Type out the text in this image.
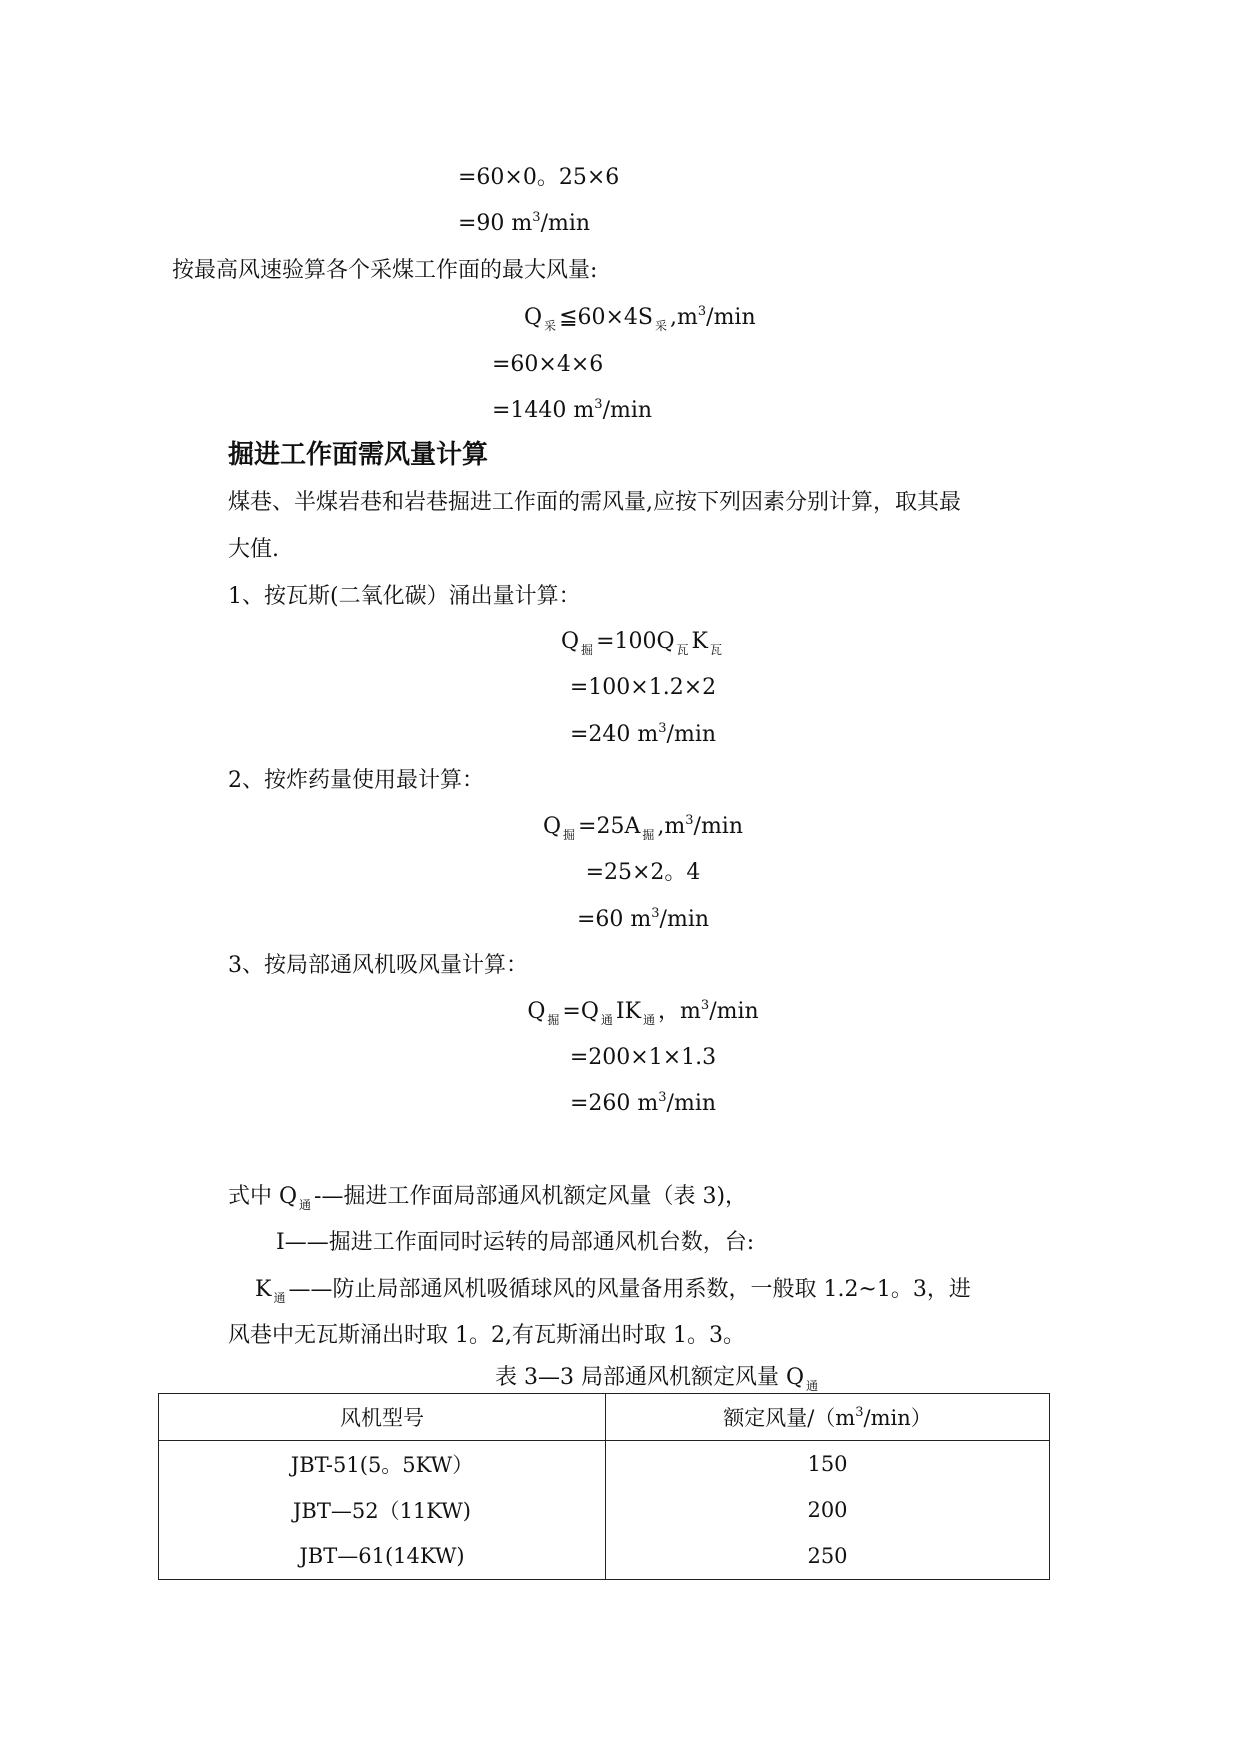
=60×0。25×6
=90 $m^3/\min$
按最高风速验算各个采煤工作面的最大风量:
Q $_采$ ≦60×4S $_采$ $,m^3/\min$
=60×4×6
=1440 $m^3/\min$
掘进工作面需风量计算
煤巷、半煤岩巷和岩巷掘进工作面的需风量,应按下列因素分别计算，取其最
大值.
1、按瓦斯(二氧化碳）涌出量计算：
Q $_掘$ =100Q $_瓦$ K $_瓦$
=100×1.2×2
=240 $m^3/\min$
2、按炸药量使用最计算：
Q $_掘$ =25A $_掘$ $,m^3/\min$
=25×2。4
=60 $m^3/\min$
3、按局部通风机吸风量计算：
Q $_掘$ =Q $_通$ IK $_通$ ，$m^3/\min$
=200×1×1.3
=260 $m^3/\min$
式中 Q $_通$ -—掘进工作面局部通风机额定风量（表 3)，
I——掘进工作面同时运转的局部通风机台数，台:
K $_通$ ——防止局部通风机吸循球风的风量备用系数，一般取 1.2~1。3，进
风巷中无瓦斯涌出时取 1。2,有瓦斯涌出时取 1。3。
表 3—3 局部通风机额定风量 Q $_通$
风机型号	额定风量$/(m^3/\min)$
JBT-51(5。5KW）	150
JBT—52（11KW)	200
JBT—61(14KW)	250
